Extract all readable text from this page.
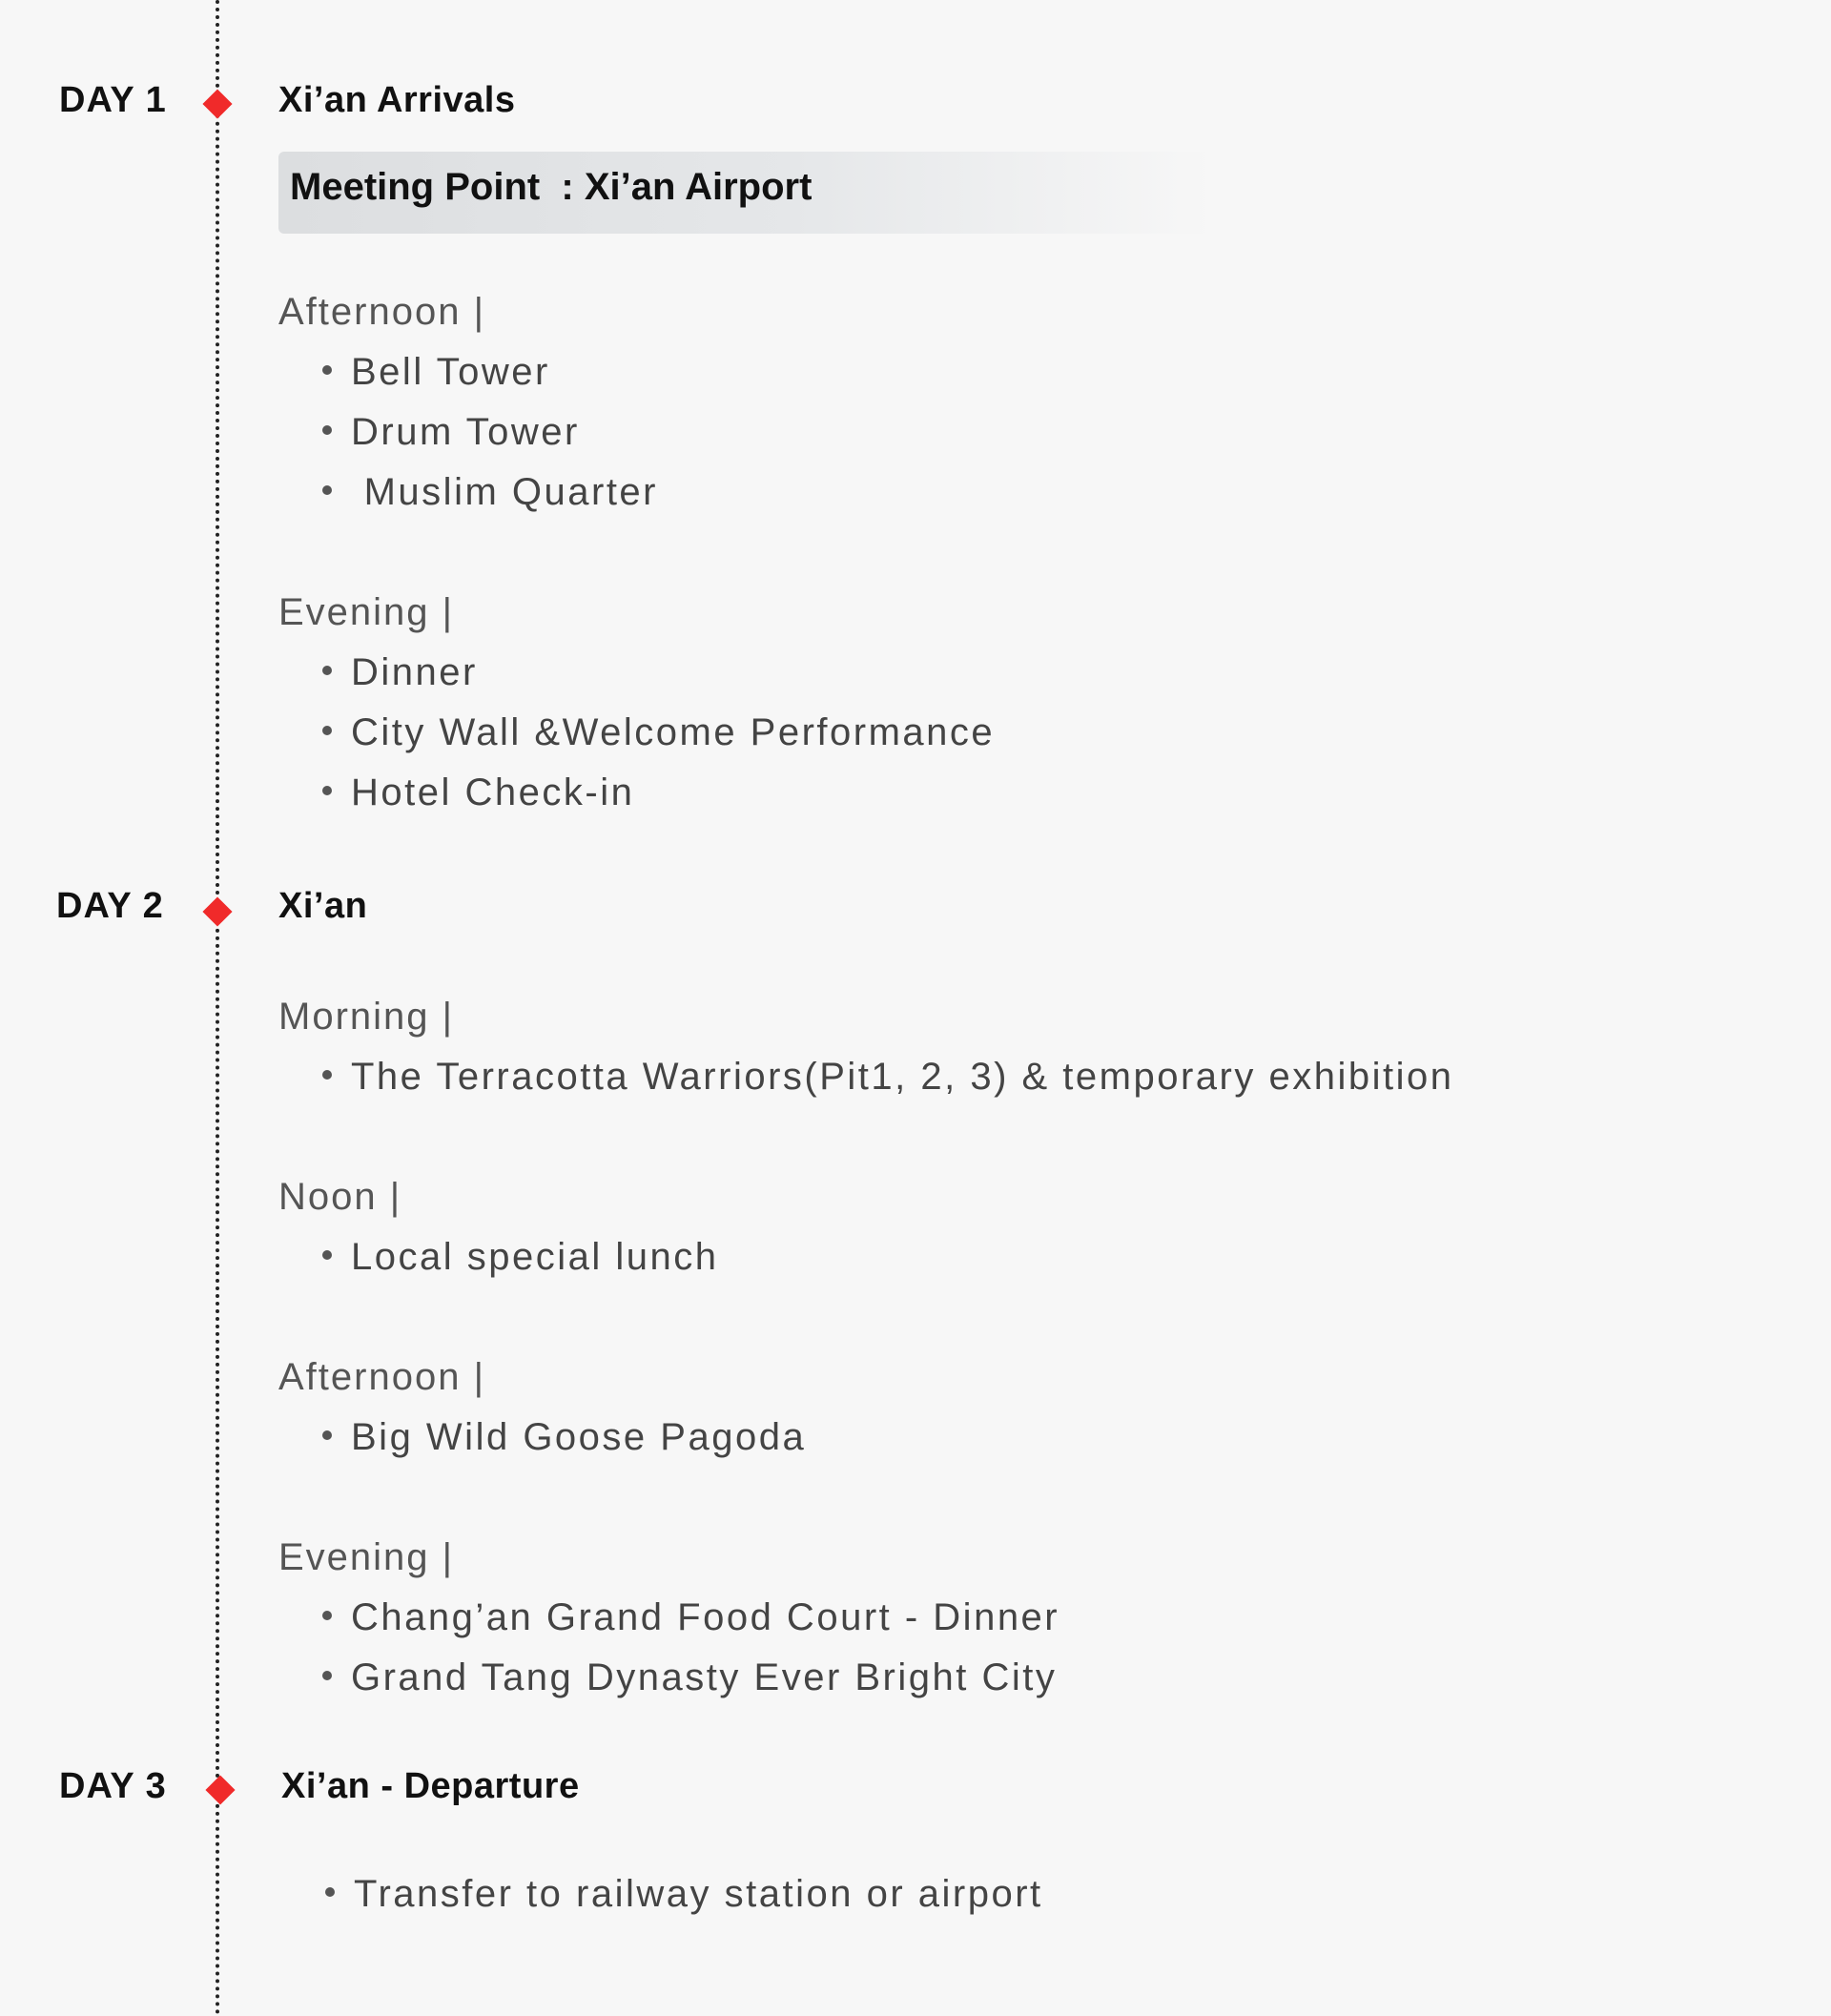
DAY 1	Xi’an Arrivals
Meeting Point  : Xi’an Airport
Afternoon |
Bell Tower
Drum Tower
Muslim Quarter
Evening |
Dinner
City Wall &Welcome Performance
Hotel Check-in
DAY 2	Xi’an
Morning |
The Terracotta Warriors(Pit1, 2, 3) & temporary exhibition
Noon |
Local special lunch
Afternoon |
Big Wild Goose Pagoda
Evening |
Chang’an Grand Food Court - Dinner
Grand Tang Dynasty Ever Bright City
DAY 3	Xi’an - Departure
Transfer to railway station or airport
